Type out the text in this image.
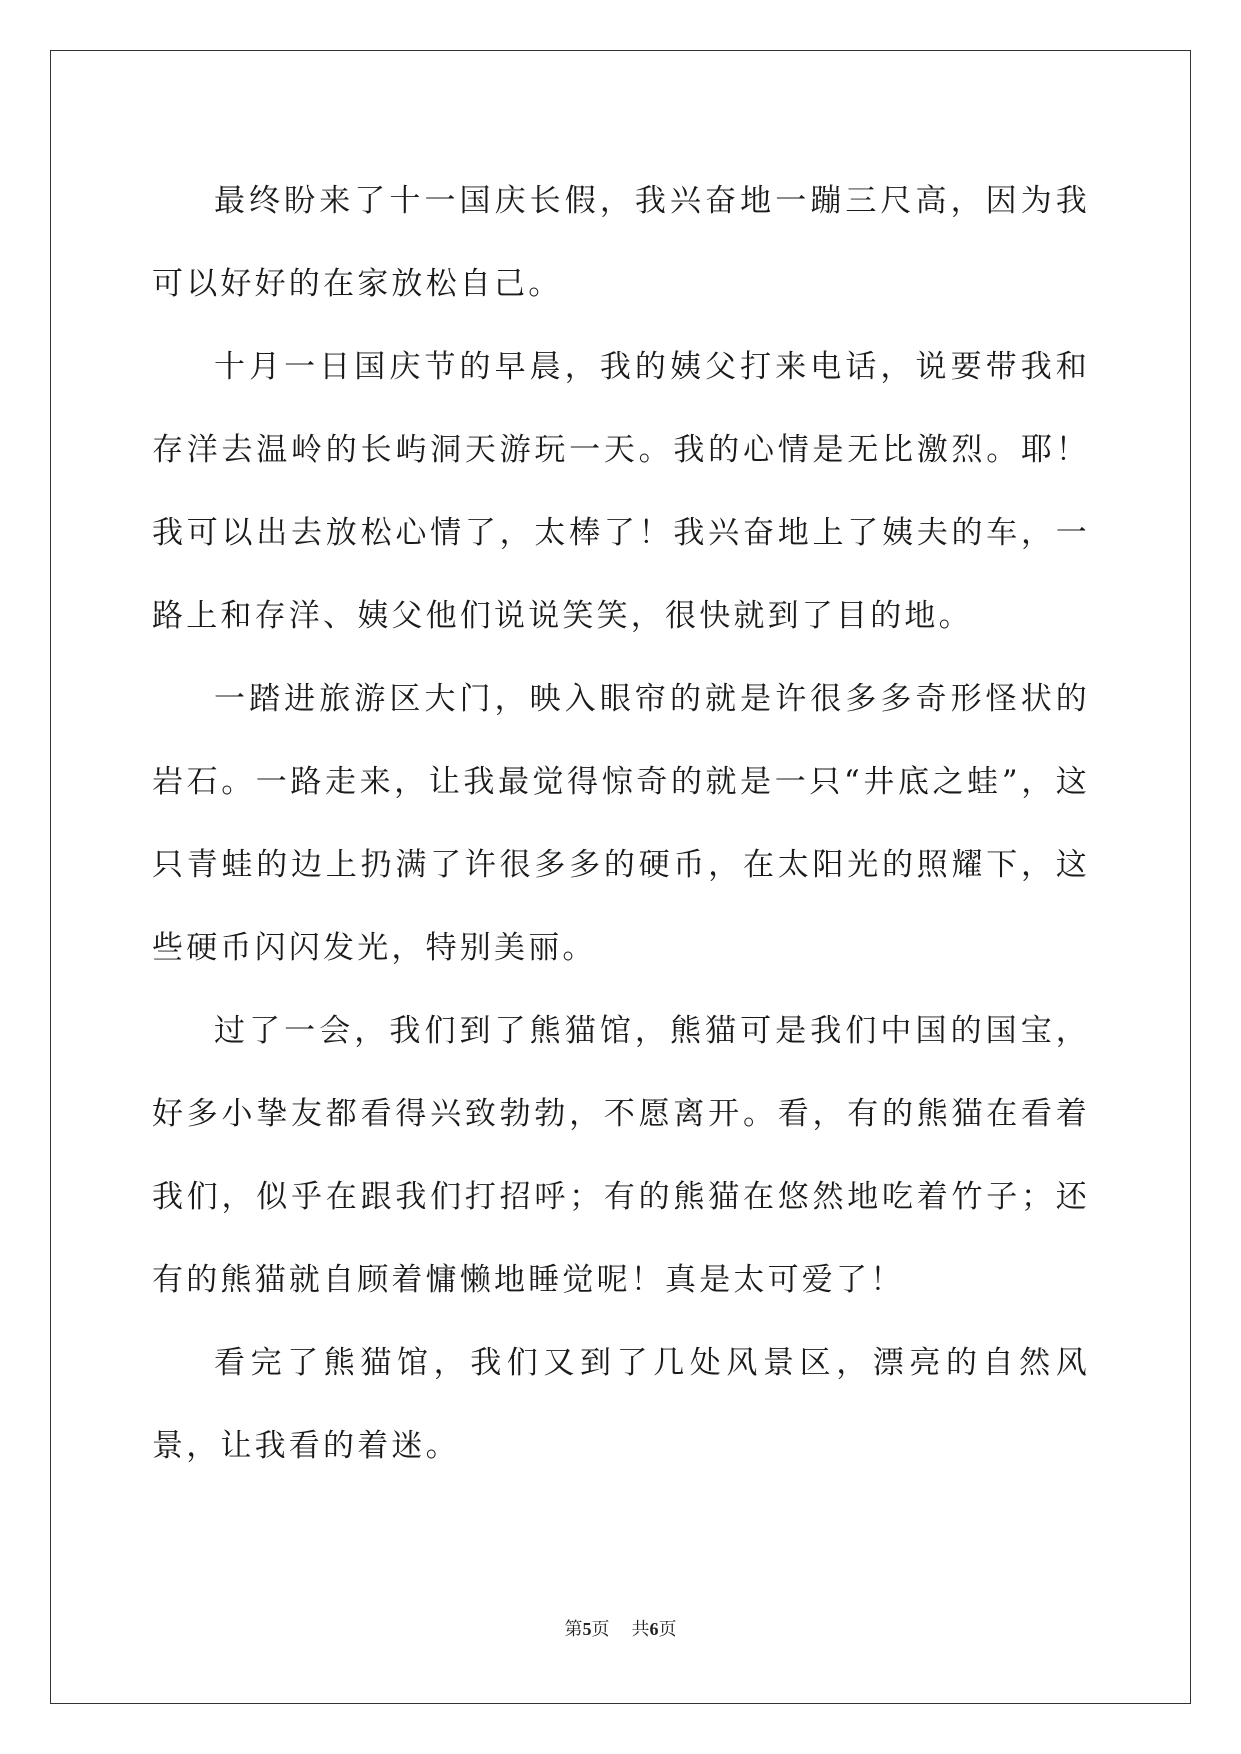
最终盼来了十一国庆长假，我兴奋地一蹦三尺高，因为我可以好好的在家放松自己。

十月一日国庆节的早晨，我的姨父打来电话，说要带我和存洋去温岭的长屿洞天游玩一天。我的心情是无比激烈。耶！我可以出去放松心情了，太棒了！我兴奋地上了姨夫的车，一路上和存洋、姨父他们说说笑笑，很快就到了目的地。

一踏进旅游区大门，映入眼帘的就是许很多多奇形怪状的岩石。一路走来，让我最觉得惊奇的就是一只“井底之蛙”，这只青蛙的边上扔满了许很多多的硬币，在太阳光的照耀下，这些硬币闪闪发光，特别美丽。

过了一会，我们到了熊猫馆，熊猫可是我们中国的国宝，好多小挚友都看得兴致勃勃，不愿离开。看，有的熊猫在看着我们，似乎在跟我们打招呼；有的熊猫在悠然地吃着竹子；还有的熊猫就自顾着慵懒地睡觉呢！真是太可爱了！

看完了熊猫馆，我们又到了几处风景区，漂亮的自然风景，让我看的着迷。

第5页 共6页
